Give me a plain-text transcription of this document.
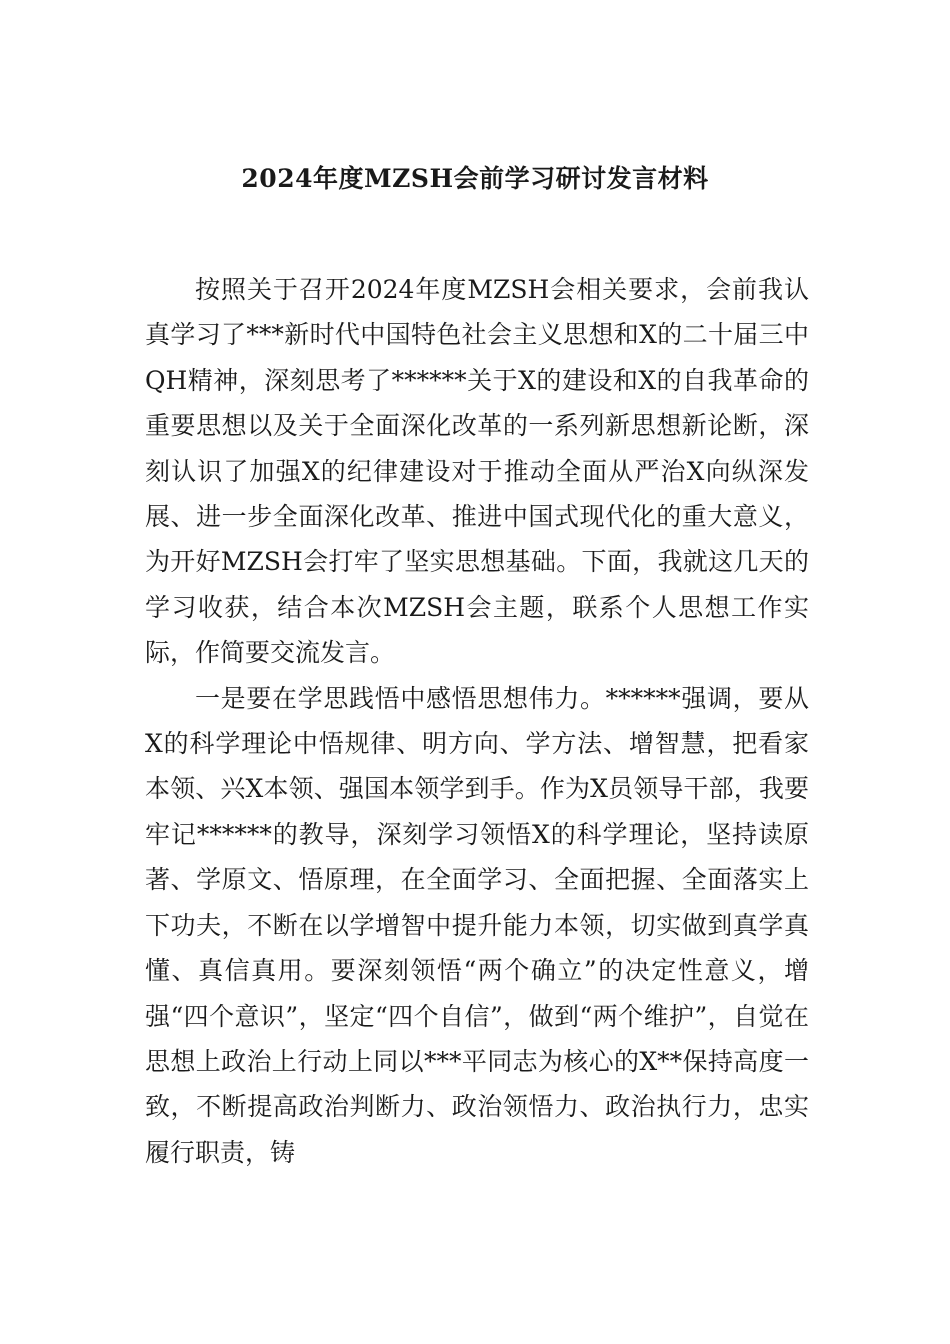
2024年度MZSH会前学习研讨发言材料

按照关于召开2024年度MZSH会相关要求，会前我认真学习了***新时代中国特色社会主义思想和X的二十届三中QH精神，深刻思考了******关于X的建设和X的自我革命的重要思想以及关于全面深化改革的一系列新思想新论断，深刻认识了加强X的纪律建设对于推动全面从严治X向纵深发展、进一步全面深化改革、推进中国式现代化的重大意义，为开好MZSH会打牢了坚实思想基础。下面，我就这几天的学习收获，结合本次MZSH会主题，联系个人思想工作实际，作简要交流发言。

一是要在学思践悟中感悟思想伟力。******强调，要从X的科学理论中悟规律、明方向、学方法、增智慧，把看家本领、兴X本领、强国本领学到手。作为X员领导干部，我要牢记******的教导，深刻学习领悟X的科学理论，坚持读原著、学原文、悟原理，在全面学习、全面把握、全面落实上下功夫，不断在以学增智中提升能力本领，切实做到真学真懂、真信真用。要深刻领悟“两个确立”的决定性意义，增强“四个意识”，坚定“四个自信”，做到“两个维护”，自觉在思想上政治上行动上同以***平同志为核心的X**保持高度一致，不断提高政治判断力、政治领悟力、政治执行力，忠实履行职责，铸
